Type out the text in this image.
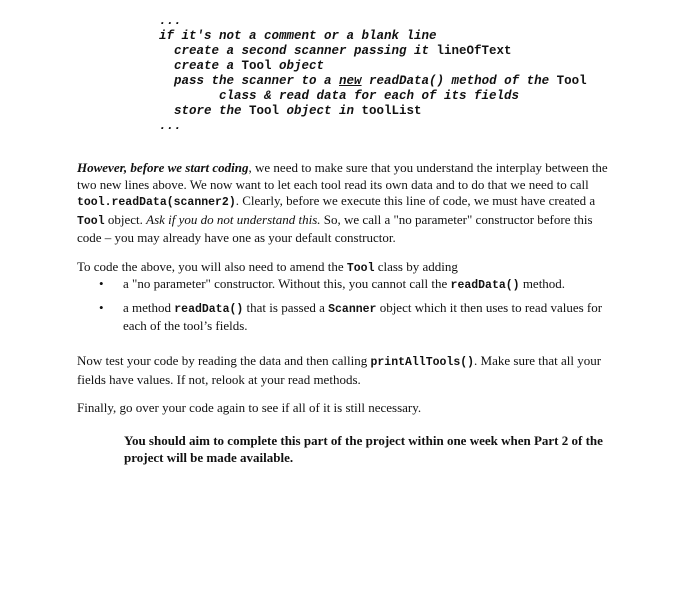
...
if it's not a comment or a blank line
create a second scanner passing it lineOfText
create a Tool object
pass the scanner to a new readData() method of the Tool
class & read data for each of its fields
store the Tool object in toolList
...
However, before we start coding, we need to make sure that you understand the interplay between the two new lines above. We now want to let each tool read its own data and to do that we need to call tool.readData(scanner2). Clearly, before we execute this line of code, we must have created a Tool object. Ask if you do not understand this. So, we call a "no parameter" constructor before this code – you may already have one as your default constructor.
To code the above, you will also need to amend the Tool class by adding
• a "no parameter" constructor. Without this, you cannot call the readData() method.
• a method readData() that is passed a Scanner object which it then uses to read values for each of the tool’s fields.
Now test your code by reading the data and then calling printAllTools(). Make sure that all your fields have values. If not, relook at your read methods.
Finally, go over your code again to see if all of it is still necessary.
You should aim to complete this part of the project within one week when Part 2 of the project will be made available.
